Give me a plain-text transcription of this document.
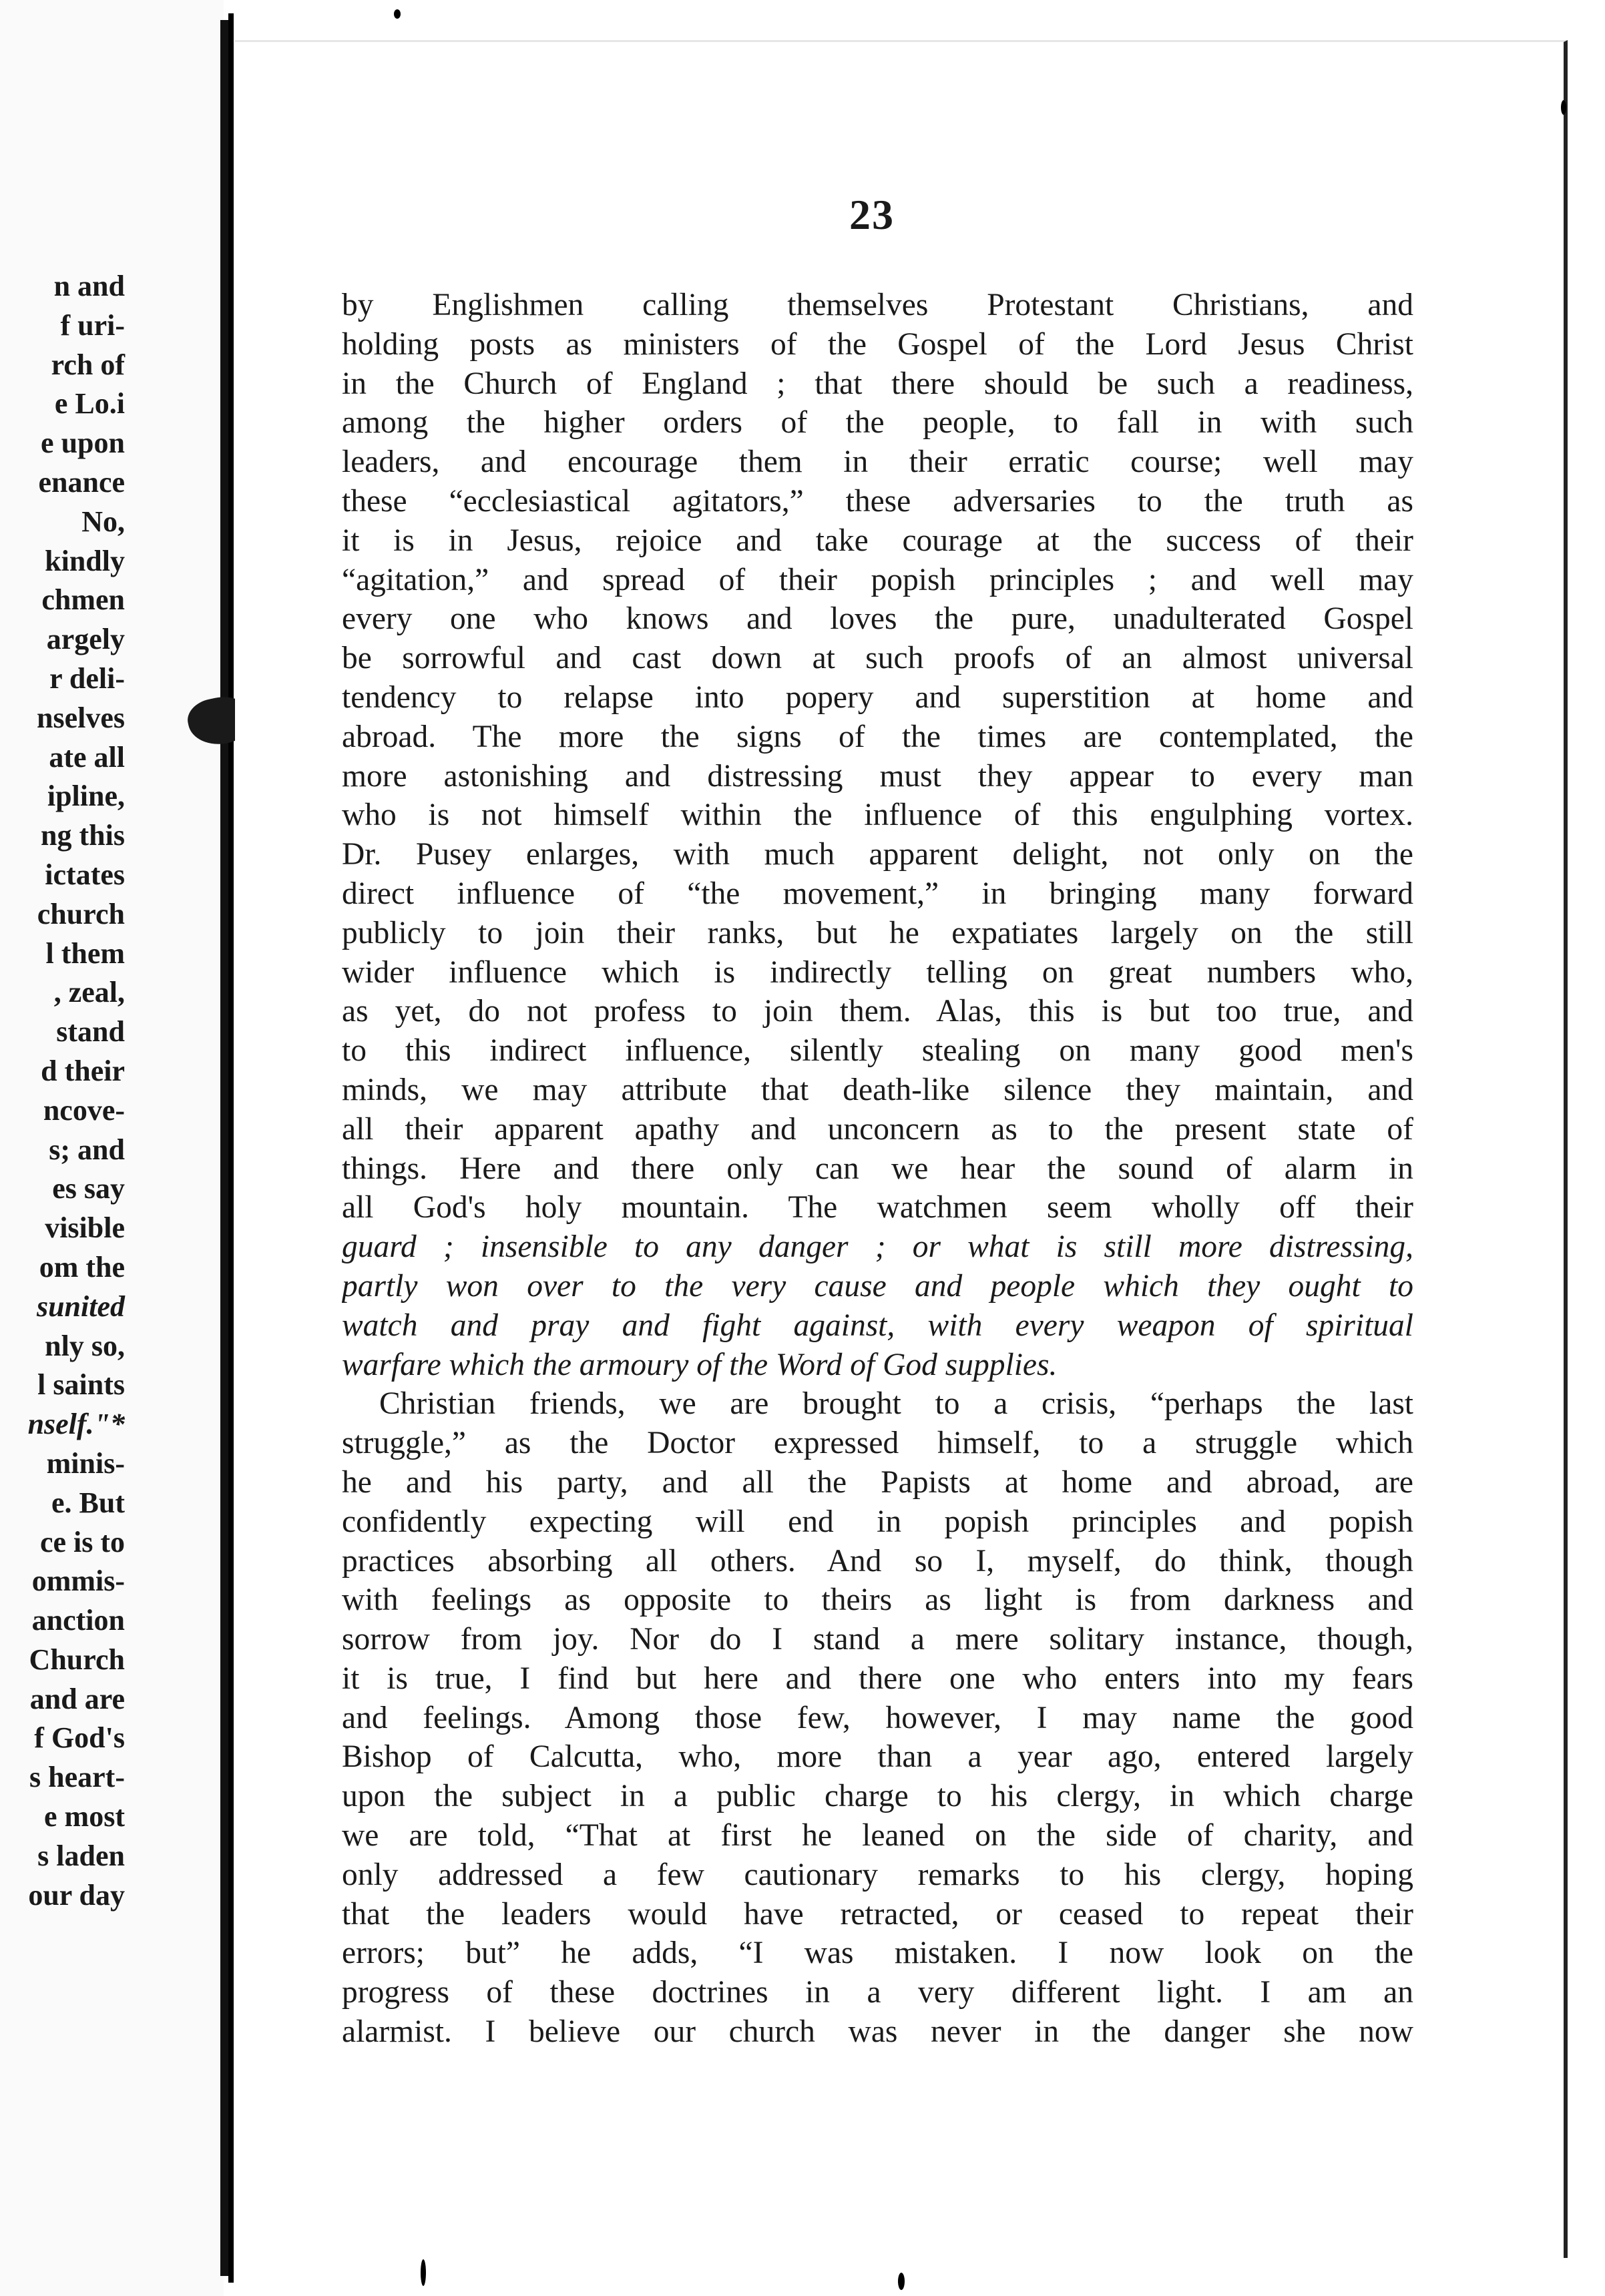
n and
f uri-
rch of
e Lo.i
e upon
enance
No,
kindly
chmen
argely
r deli-
nselves
ate all
ipline,
ng this
ictates
church
l them
, zeal,
stand
d their
ncove-
s; and
es say
visible
om the
sunited
nly so,
l saints
nself."*
minis-
e. But
ce is to
ommis-
anction
Church
and are
f God's
s heart-
e most
s laden
our day
23
by Englishmen calling themselves Protestant Christians, and
holding posts as ministers of the Gospel of the Lord Jesus Christ
in the Church of England ; that there should be such a readiness,
among the higher orders of the people, to fall in with such
leaders, and encourage them in their erratic course; well may
these “ecclesiastical agitators,” these adversaries to the truth as
it is in Jesus, rejoice and take courage at the success of their
“agitation,” and spread of their popish principles ; and well may
every one who knows and loves the pure, unadulterated Gospel
be sorrowful and cast down at such proofs of an almost universal
tendency to relapse into popery and superstition at home and
abroad. The more the signs of the times are contemplated, the
more astonishing and distressing must they appear to every man
who is not himself within the influence of this engulphing vortex.
Dr. Pusey enlarges, with much apparent delight, not only on the
direct influence of “the movement,” in bringing many forward
publicly to join their ranks, but he expatiates largely on the still
wider influence which is indirectly telling on great numbers who,
as yet, do not profess to join them. Alas, this is but too true, and
to this indirect influence, silently stealing on many good men's
minds, we may attribute that death-like silence they maintain, and
all their apparent apathy and unconcern as to the present state of
things. Here and there only can we hear the sound of alarm in
all God's holy mountain. The watchmen seem wholly off their
guard ; insensible to any danger ; or what is still more distressing,
partly won over to the very cause and people which they ought to
watch and pray and fight against, with every weapon of spiritual
warfare which the armoury of the Word of God supplies.
Christian friends, we are brought to a crisis, “perhaps the last
struggle,” as the Doctor expressed himself, to a struggle which
he and his party, and all the Papists at home and abroad, are
confidently expecting will end in popish principles and popish
practices absorbing all others. And so I, myself, do think, though
with feelings as opposite to theirs as light is from darkness and
sorrow from joy. Nor do I stand a mere solitary instance, though,
it is true, I find but here and there one who enters into my fears
and feelings. Among those few, however, I may name the good
Bishop of Calcutta, who, more than a year ago, entered largely
upon the subject in a public charge to his clergy, in which charge
we are told, “That at first he leaned on the side of charity, and
only addressed a few cautionary remarks to his clergy, hoping
that the leaders would have retracted, or ceased to repeat their
errors; but” he adds, “I was mistaken. I now look on the
progress of these doctrines in a very different light. I am an
alarmist. I believe our church was never in the danger she now
